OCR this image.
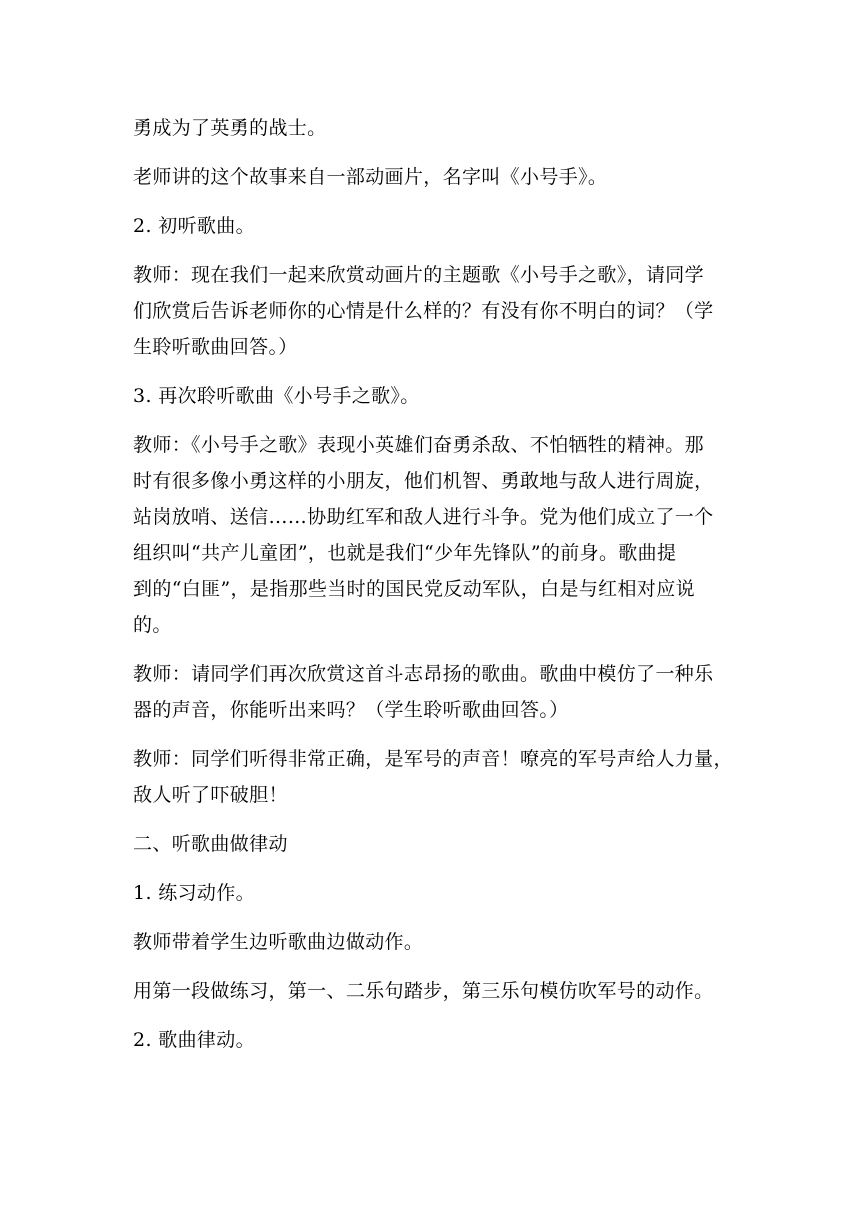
勇成为了英勇的战士。
老师讲的这个故事来自一部动画片，名字叫《小号手》。
2. 初听歌曲。
教师：现在我们一起来欣赏动画片的主题歌《小号手之歌》，请同学
们欣赏后告诉老师你的心情是什么样的？有没有你不明白的词？（学
生聆听歌曲回答。）
3. 再次聆听歌曲《小号手之歌》。
教师：《小号手之歌》表现小英雄们奋勇杀敌、不怕牺牲的精神。那
时有很多像小勇这样的小朋友，他们机智、勇敢地与敌人进行周旋，
站岗放哨、送信……协助红军和敌人进行斗争。党为他们成立了一个
组织叫“共产儿童团”，也就是我们“少年先锋队”的前身。歌曲提
到的“白匪”，是指那些当时的国民党反动军队，白是与红相对应说
的。
教师：请同学们再次欣赏这首斗志昂扬的歌曲。歌曲中模仿了一种乐
器的声音，你能听出来吗？（学生聆听歌曲回答。）
教师：同学们听得非常正确，是军号的声音！嘹亮的军号声给人力量，
敌人听了吓破胆！
二、听歌曲做律动
1. 练习动作。
教师带着学生边听歌曲边做动作。
用第一段做练习，第一、二乐句踏步，第三乐句模仿吹军号的动作。
2. 歌曲律动。
